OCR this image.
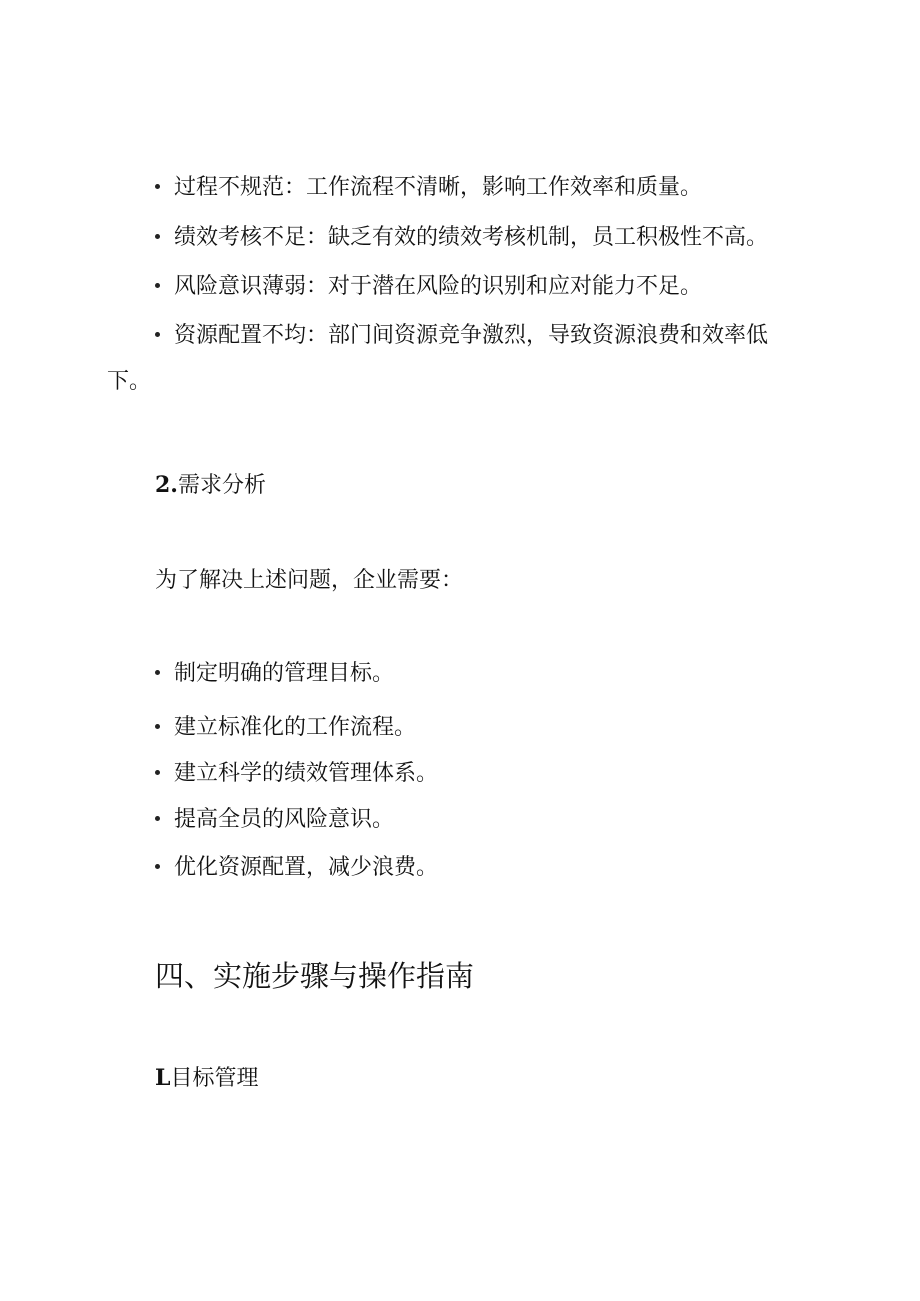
过程不规范：工作流程不清晰，影响工作效率和质量。
绩效考核不足：缺乏有效的绩效考核机制，员工积极性不高。
风险意识薄弱：对于潜在风险的识别和应对能力不足。
资源配置不均：部门间资源竞争激烈，导致资源浪费和效率低
下。
2.需求分析
为了解决上述问题，企业需要：
制定明确的管理目标。
建立标准化的工作流程。
建立科学的绩效管理体系。
提高全员的风险意识。
优化资源配置，减少浪费。
四、实施步骤与操作指南
L目标管理
